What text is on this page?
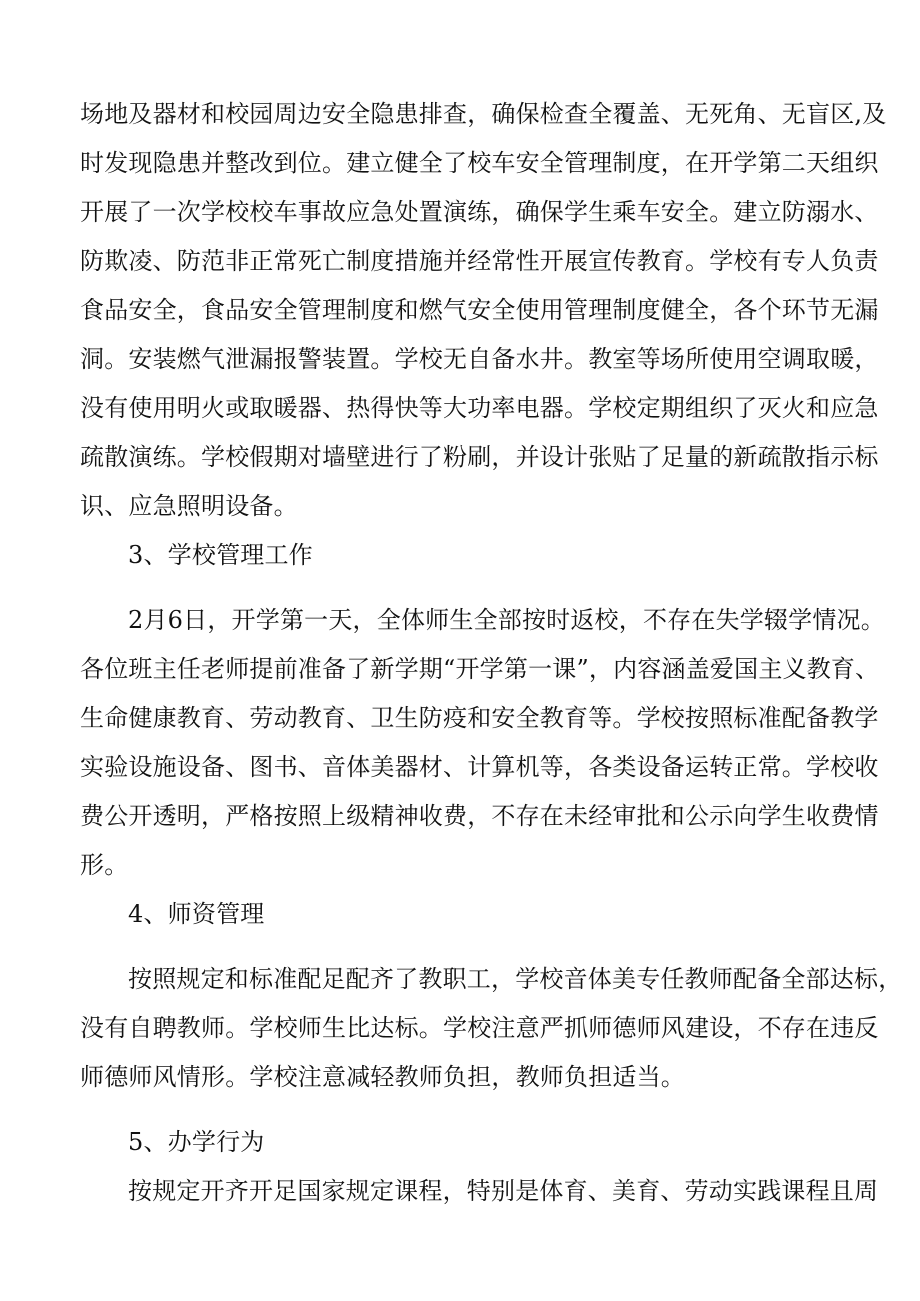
场地及器材和校园周边安全隐患排查，确保检查全覆盖、无死角、无盲区,及
时发现隐患并整改到位。建立健全了校车安全管理制度，在开学第二天组织
开展了一次学校校车事故应急处置演练，确保学生乘车安全。建立防溺水、
防欺凌、防范非正常死亡制度措施并经常性开展宣传教育。学校有专人负责
食品安全，食品安全管理制度和燃气安全使用管理制度健全，各个环节无漏
洞。安装燃气泄漏报警装置。学校无自备水井。教室等场所使用空调取暖，
没有使用明火或取暖器、热得快等大功率电器。学校定期组织了灭火和应急
疏散演练。学校假期对墙壁进行了粉刷，并设计张贴了足量的新疏散指示标
识、应急照明设备。
3、学校管理工作
2月6日，开学第一天，全体师生全部按时返校，不存在失学辍学情况。
各位班主任老师提前准备了新学期“开学第一课”，内容涵盖爱国主义教育、
生命健康教育、劳动教育、卫生防疫和安全教育等。学校按照标准配备教学
实验设施设备、图书、音体美器材、计算机等，各类设备运转正常。学校收
费公开透明，严格按照上级精神收费，不存在未经审批和公示向学生收费情
形。
4、师资管理
按照规定和标准配足配齐了教职工，学校音体美专任教师配备全部达标，
没有自聘教师。学校师生比达标。学校注意严抓师德师风建设，不存在违反
师德师风情形。学校注意减轻教师负担，教师负担适当。
5、办学行为
按规定开齐开足国家规定课程，特别是体育、美育、劳动实践课程且周
